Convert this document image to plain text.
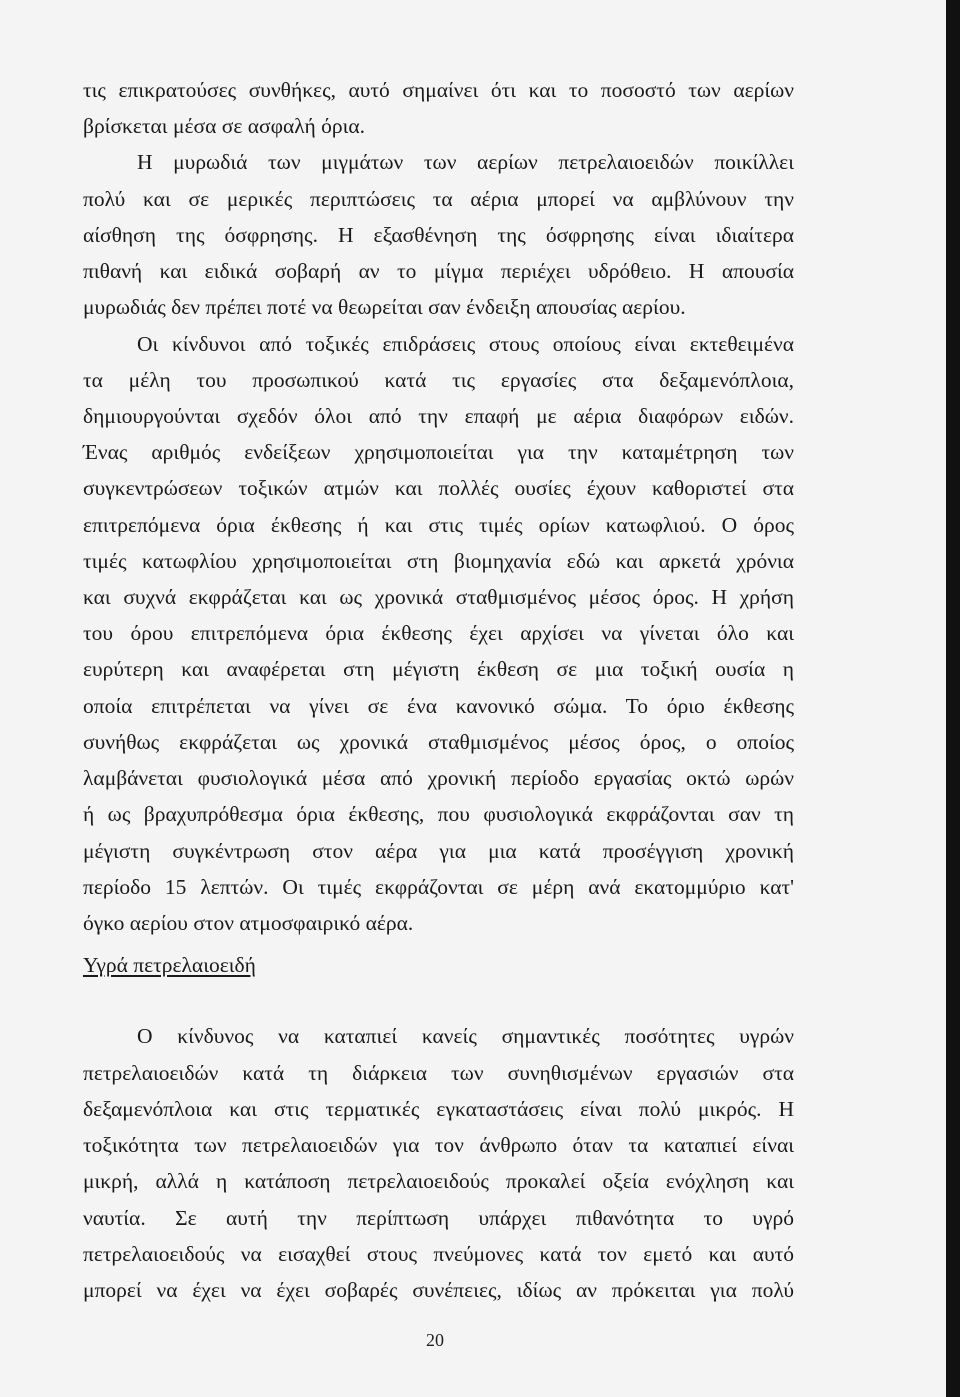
τις επικρατούσες συνθήκες, αυτό σημαίνει ότι και το ποσοστό των αερίων
βρίσκεται μέσα σε ασφαλή όρια.
Η μυρωδιά των μιγμάτων των αερίων πετρελαιοειδών ποικίλλει
πολύ και σε μερικές περιπτώσεις τα αέρια μπορεί να αμβλύνουν την
αίσθηση της όσφρησης. Η εξασθένηση της όσφρησης είναι ιδιαίτερα
πιθανή και ειδικά σοβαρή αν το μίγμα περιέχει υδρόθειο. Η απουσία
μυρωδιάς δεν πρέπει ποτέ να θεωρείται σαν ένδειξη απουσίας αερίου.
Οι κίνδυνοι από τοξικές επιδράσεις στους οποίους είναι εκτεθειμένα
τα μέλη του προσωπικού κατά τις εργασίες στα δεξαμενόπλοια,
δημιουργούνται σχεδόν όλοι από την επαφή με αέρια διαφόρων ειδών.
Ένας αριθμός ενδείξεων χρησιμοποιείται για την καταμέτρηση των
συγκεντρώσεων τοξικών ατμών και πολλές ουσίες έχουν καθοριστεί στα
επιτρεπόμενα όρια έκθεσης ή και στις τιμές ορίων κατωφλιού. Ο όρος
τιμές κατωφλίου χρησιμοποιείται στη βιομηχανία εδώ και αρκετά χρόνια
και συχνά εκφράζεται και ως χρονικά σταθμισμένος μέσος όρος. Η χρήση
του όρου επιτρεπόμενα όρια έκθεσης έχει αρχίσει να γίνεται όλο και
ευρύτερη και αναφέρεται στη μέγιστη έκθεση σε μια τοξική ουσία η
οποία επιτρέπεται να γίνει σε ένα κανονικό σώμα. Το όριο έκθεσης
συνήθως εκφράζεται ως χρονικά σταθμισμένος μέσος όρος, ο οποίος
λαμβάνεται φυσιολογικά μέσα από χρονική περίοδο εργασίας οκτώ ωρών
ή ως βραχυπρόθεσμα όρια έκθεσης, που φυσιολογικά εκφράζονται σαν τη
μέγιστη συγκέντρωση στον αέρα για μια κατά προσέγγιση χρονική
περίοδο 15 λεπτών. Οι τιμές εκφράζονται σε μέρη ανά εκατομμύριο κατ'
όγκο αερίου στον ατμοσφαιρικό αέρα.
Υγρά πετρελαιοειδή
Ο κίνδυνος να καταπιεί κανείς σημαντικές ποσότητες υγρών
πετρελαιοειδών κατά τη διάρκεια των συνηθισμένων εργασιών στα
δεξαμενόπλοια και στις τερματικές εγκαταστάσεις είναι πολύ μικρός. Η
τοξικότητα των πετρελαιοειδών για τον άνθρωπο όταν τα καταπιεί είναι
μικρή, αλλά η κατάποση πετρελαιοειδούς προκαλεί οξεία ενόχληση και
ναυτία. Σε αυτή την περίπτωση υπάρχει πιθανότητα το υγρό
πετρελαιοειδούς να εισαχθεί στους πνεύμονες κατά τον εμετό και αυτό
μπορεί να έχει να έχει σοβαρές συνέπειες, ιδίως αν πρόκειται για πολύ
20
